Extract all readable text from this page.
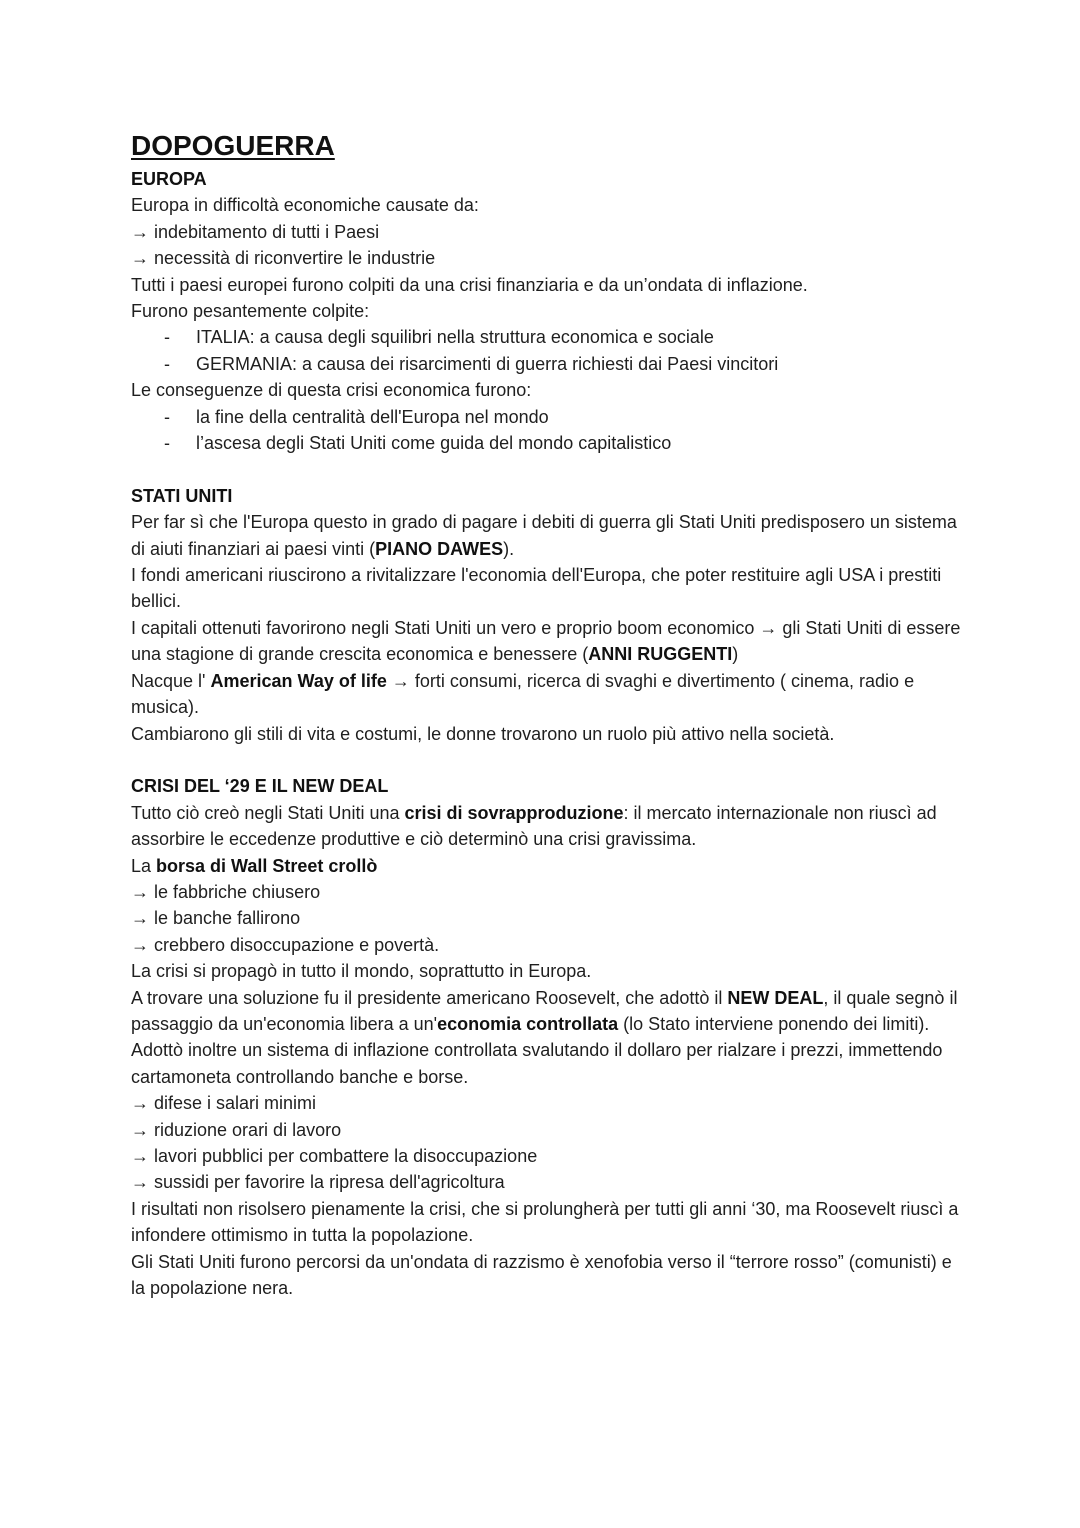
DOPOGUERRA
EUROPA
Europa in difficoltà economiche causate da:
→ indebitamento di tutti i Paesi
→ necessità di riconvertire le industrie
Tutti i paesi europei furono colpiti da una crisi finanziaria e da un’ondata di inflazione.
Furono pesantemente colpite:
- ITALIA: a causa degli squilibri nella struttura economica e sociale
- GERMANIA: a causa dei risarcimenti di guerra richiesti dai Paesi vincitori
Le conseguenze di questa crisi economica furono:
- la fine della centralità dell'Europa nel mondo
- l’ascesa degli Stati Uniti come guida del mondo capitalistico
STATI UNITI

Per far sì che l'Europa questo in grado di pagare i debiti di guerra gli Stati Uniti predisposero un sistema di aiuti finanziari ai paesi vinti (PIANO DAWES).

I fondi americani riuscirono a rivitalizzare l'economia dell'Europa, che poter restituire agli USA i prestiti bellici.

I capitali ottenuti favorirono negli Stati Uniti un vero e proprio boom economico → gli Stati Uniti di essere una stagione di grande crescita economica e benessere (ANNI RUGGENTI)

Nacque l' American Way of life → forti consumi, ricerca di svaghi e divertimento ( cinema, radio e musica).

Cambiarono gli stili di vita e costumi, le donne trovarono un ruolo più attivo nella società.

CRISI DEL ‘29 E IL NEW DEAL

Tutto ciò creò negli Stati Uniti una crisi di sovrapproduzione: il mercato internazionale non riuscì ad assorbire le eccedenze produttive e ciò determinò una crisi gravissima.

La borsa di Wall Street crollò
→ le fabbriche chiusero
→ le banche fallirono
→ crebbero disoccupazione e povertà.
La crisi si propagò in tutto il mondo, soprattutto in Europa.

A trovare una soluzione fu il presidente americano Roosevelt, che adottò il NEW DEAL, il quale segnò il passaggio da un'economia libera a un'economia controllata (lo Stato interviene ponendo dei limiti).

Adottò inoltre un sistema di inflazione controllata svalutando il dollaro per rialzare i prezzi, immettendo cartamoneta controllando banche e borse.

→ difese i salari minimi
→ riduzione orari di lavoro
→ lavori pubblici per combattere la disoccupazione
→ sussidi per favorire la ripresa dell'agricoltura

I risultati non risolsero pienamente la crisi, che si prolungherà per tutti gli anni ‘30, ma Roosevelt riuscì a infondere ottimismo in tutta la popolazione.

Gli Stati Uniti furono percorsi da un'ondata di razzismo è xenofobia verso il “terrore rosso” (comunisti) e la popolazione nera.
